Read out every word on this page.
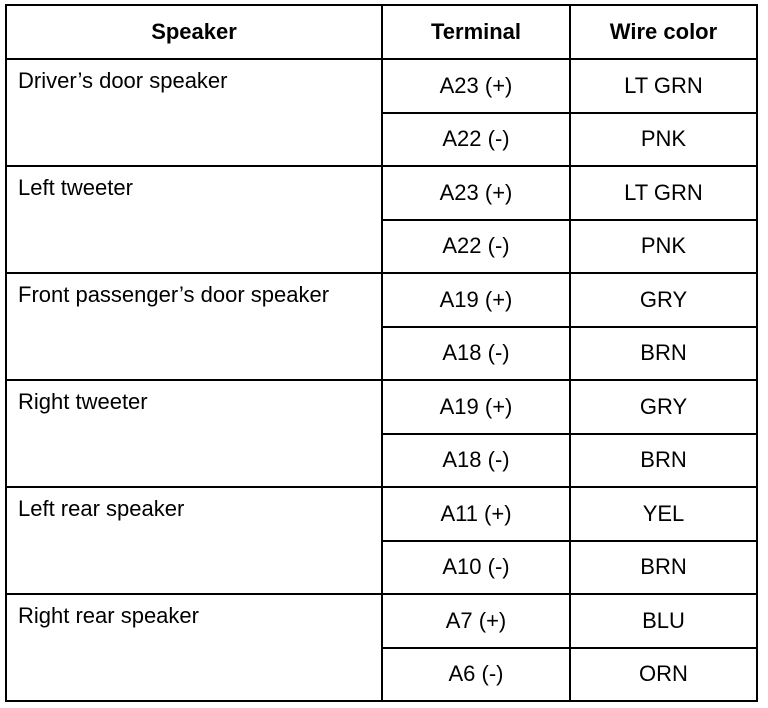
Speaker	Terminal	Wire color
Driver’s door speaker	A23 (+)	LT GRN
	A22 (-)	PNK
Left tweeter	A23 (+)	LT GRN
	A22 (-)	PNK
Front passenger’s door speaker	A19 (+)	GRY
	A18 (-)	BRN
Right tweeter	A19 (+)	GRY
	A18 (-)	BRN
Left rear speaker	A11 (+)	YEL
	A10 (-)	BRN
Right rear speaker	A7 (+)	BLU
	A6 (-)	ORN
